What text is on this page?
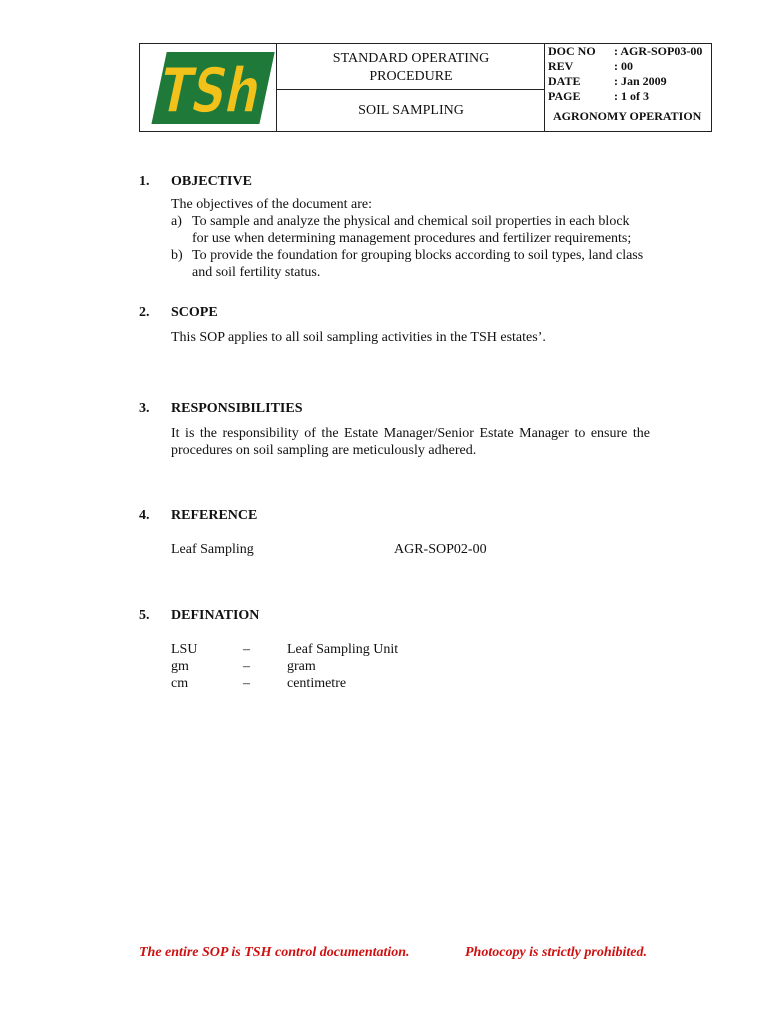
TSh	STANDARD OPERATING
PROCEDURE
SOIL SAMPLING
DOC NO	: AGR-SOP03-00
REV	: 00
DATE	: Jan 2009
PAGE	: 1 of 3
AGRONOMY OPERATION
1. OBJECTIVE
The objectives of the document are:
a) To sample and analyze the physical and chemical soil properties in each block
for use when determining management procedures and fertilizer requirements;
b) To provide the foundation for grouping blocks according to soil types, land class
and soil fertility status.
2. SCOPE
This SOP applies to all soil sampling activities in the TSH estates’.
3. RESPONSIBILITIES
It is the responsibility of the Estate Manager/Senior Estate Manager to ensure the
procedures on soil sampling are meticulously adhered.
4. REFERENCE
Leaf Sampling	AGR-SOP02-00
5. DEFINATION
LSU	–	Leaf Sampling Unit
gm	–	gram
cm	–	centimetre
The entire SOP is TSH control documentation.	Photocopy is strictly prohibited.
